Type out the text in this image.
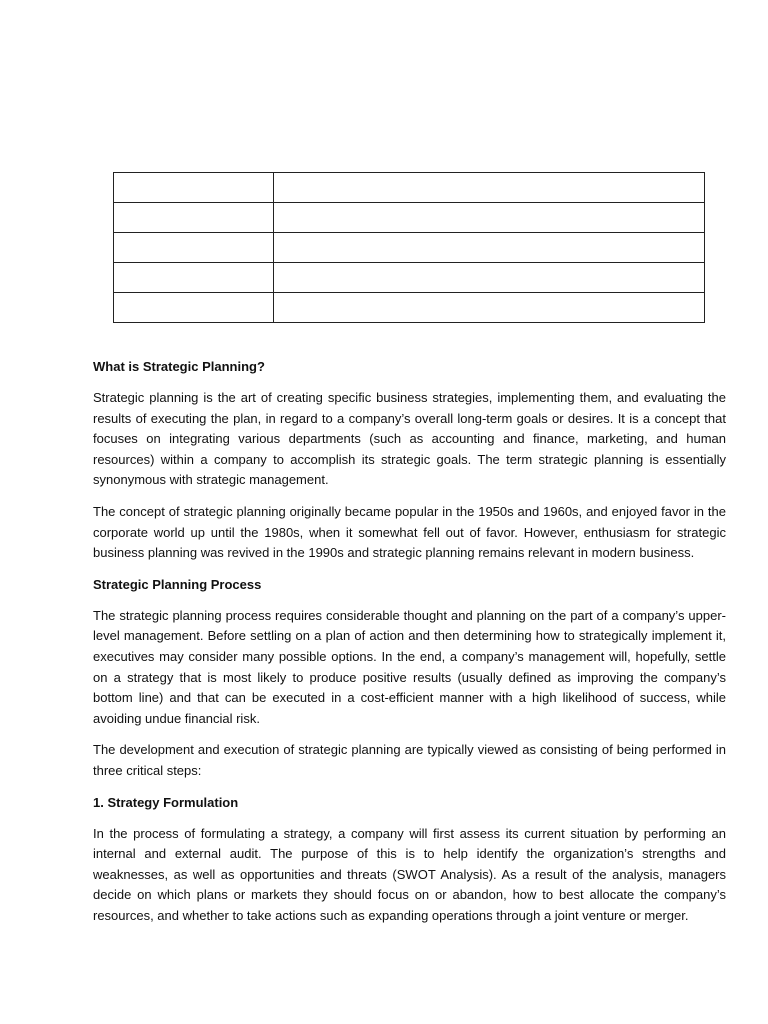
What is Strategic Planning?

Strategic planning is the art of creating specific business strategies, implementing them, and evaluating the results of executing the plan, in regard to a company’s overall long-term goals or desires. It is a concept that focuses on integrating various departments (such as accounting and finance, marketing, and human resources) within a company to accomplish its strategic goals. The term strategic planning is essentially synonymous with strategic management.

The concept of strategic planning originally became popular in the 1950s and 1960s, and enjoyed favor in the corporate world up until the 1980s, when it somewhat fell out of favor. However, enthusiasm for strategic business planning was revived in the 1990s and strategic planning remains relevant in modern business.

Strategic Planning Process

The strategic planning process requires considerable thought and planning on the part of a company’s upper-level management. Before settling on a plan of action and then determining how to strategically implement it, executives may consider many possible options. In the end, a company’s management will, hopefully, settle on a strategy that is most likely to produce positive results (usually defined as improving the company’s bottom line) and that can be executed in a cost-efficient manner with a high likelihood of success, while avoiding undue financial risk.

The development and execution of strategic planning are typically viewed as consisting of being performed in three critical steps:

1. Strategy Formulation

In the process of formulating a strategy, a company will first assess its current situation by performing an internal and external audit. The purpose of this is to help identify the organization’s strengths and weaknesses, as well as opportunities and threats (SWOT Analysis). As a result of the analysis, managers decide on which plans or markets they should focus on or abandon, how to best allocate the company’s resources, and whether to take actions such as expanding operations through a joint venture or merger.
